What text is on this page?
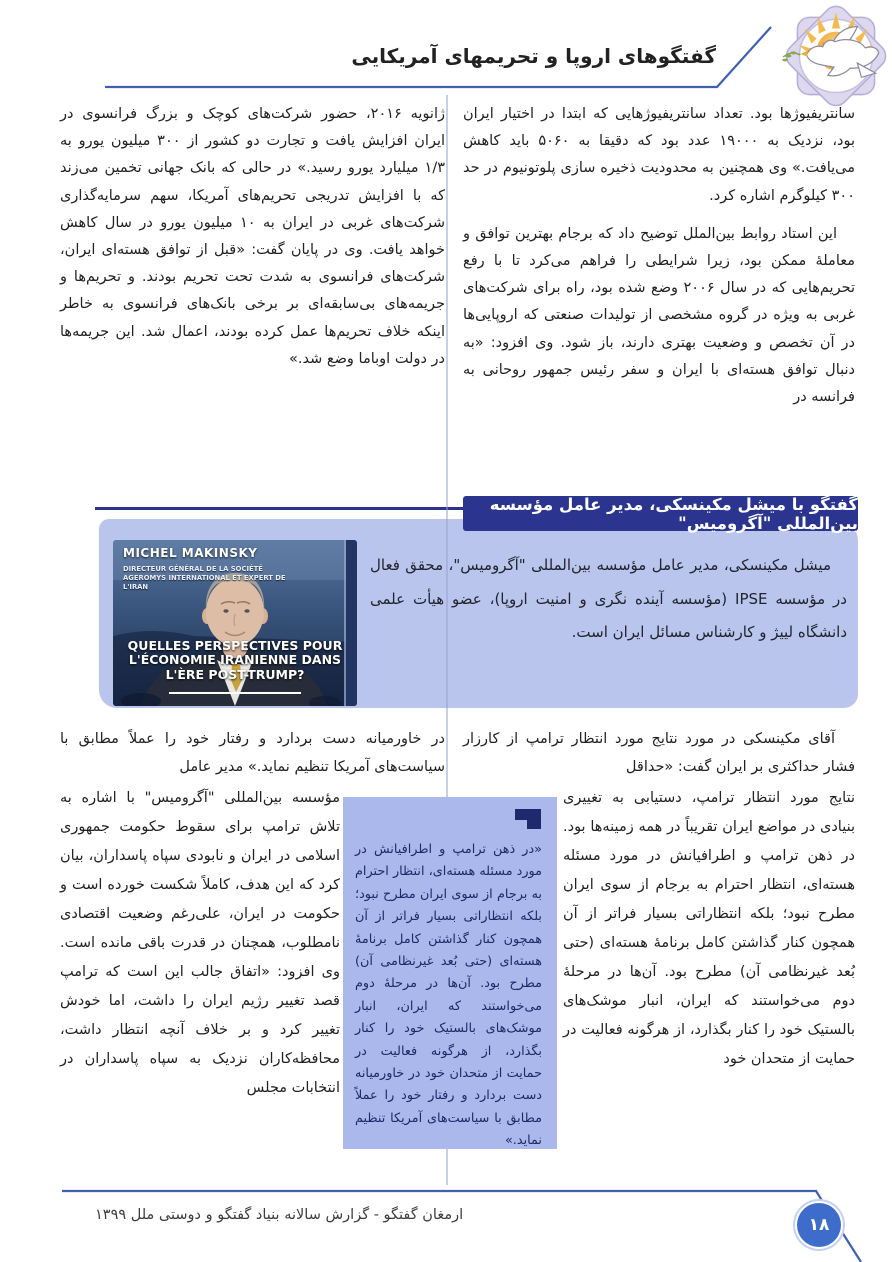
گفتگوهای اروپا و تحریمهای آمریکایی
ژانویه ۲۰۱۶، حضور شرکت‌های کوچک و بزرگ فرانسوی در ایران افزایش یافت و تجارت دو کشور از ۳۰۰ میلیون یورو به ۱/۳ میلیارد یورو رسید.» در حالی که بانک جهانی تخمین می‌زند که با افزایش تدریجی تحریم‌های آمریکا، سهم سرمایه‌گذاری شرکت‌های غربی در ایران به ۱۰ میلیون یورو در سال کاهش خواهد یافت. وی در پایان گفت: «قبل از توافق هسته‌ای ایران، شرکت‌های فرانسوی به شدت تحت تحریم بودند. و تحریم‌ها و جریمه‌های بی‌سابقه‌ای بر برخی بانک‌های فرانسوی به خاطر اینکه خلاف تحریم‌ها عمل کرده بودند، اعمال شد. این جریمه‌ها در دولت اوباما وضع شد.»
سانتریفیوژها بود. تعداد سانتریفیوژهایی که ابتدا در اختیار ایران بود، نزدیک به ۱۹۰۰۰ عدد بود که دقیقا به ۵۰۶۰ باید کاهش می‌یافت.» وی همچنین به محدودیت ذخیره سازی پلوتونیوم در حد ۳۰۰ کیلوگرم اشاره کرد.
این استاد روابط بین‌الملل توضیح داد که برجام بهترین توافق و معاملۀ ممکن بود، زیرا شرایطی را فراهم می‌کرد تا با رفع تحریم‌هایی که در سال ۲۰۰۶ وضع شده بود، راه برای شرکت‌های غربی به ویژه در گروه مشخصی از تولیدات صنعتی که اروپایی‌ها در آن تخصص و وضعیت بهتری دارند، باز شود. وی افزود: «به دنبال توافق هسته‌ای با ایران و سفر رئیس جمهور روحانی به فرانسه در
گفتگو با میشل مکینسکی، مدیر عامل مؤسسه بین‌المللی "آگرومیس"
MICHEL MAKINSKY
DIRECTEUR GÉNÉRAL DE LA SOCIÉTÉ AGEROMYS INTERNATIONAL ET EXPERT DE L'IRAN
QUELLES PERSPECTIVES POUR L'ÉCONOMIE IRANIENNE DANS L'ÈRE POST-TRUMP?
میشل مکینسکی، مدیر عامل مؤسسه بین‌المللی "آگرومیس"، محقق فعال در مؤسسه IPSE (مؤسسه آینده نگری و امنیت اروپا)، عضو هیأت علمی دانشگاه لییژ و کارشناس مسائل ایران است.
در خاورمیانه دست بردارد و رفتار خود را عملاً مطابق با سیاست‌های آمریکا تنظیم نماید.» مدیر عامل
مؤسسه بین‌المللی "آگرومیس" با اشاره به تلاش ترامپ برای سقوط حکومت جمهوری اسلامی در ایران و نابودی سپاه پاسداران، بیان کرد که این هدف، کاملاً شکست خورده است و حکومت در ایران، علی‌رغم وضعیت اقتصادی نامطلوب، همچنان در قدرت باقی مانده است. وی افزود: «اتفاق جالب این است که ترامپ قصد تغییر رژیم ایران را داشت، اما خودش تغییر کرد و بر خلاف آنچه انتظار داشت، محافظه‌کاران نزدیک به سپاه پاسداران در انتخابات مجلس
آقای مکینسکی در مورد نتایج مورد انتظار ترامپ از کارزار فشار حداکثری بر ایران گفت: «حداقل
نتایج مورد انتظار ترامپ، دستیابی به تغییری بنیادی در مواضع ایران تقریباً در همه زمینه‌ها بود. در ذهن ترامپ و اطرافیانش در مورد مسئله هسته‌ای، انتظار احترام به برجام از سوی ایران مطرح نبود؛ بلکه انتظاراتی بسیار فراتر از آن همچون کنار گذاشتن کامل برنامۀ هسته‌ای (حتی بُعد غیرنظامی آن) مطرح بود. آن‌ها در مرحلۀ دوم می‌خواستند که ایران، انبار موشک‌های بالستیک خود را کنار بگذارد، از هرگونه فعالیت در حمایت از متحدان خود
«در ذهن ترامپ و اطرافیانش در مورد مسئله هسته‌ای، انتظار احترام به برجام از سوی ایران مطرح نبود؛ بلکه انتظاراتی بسیار فراتر از آن همچون کنار گذاشتن کامل برنامۀ هسته‌ای (حتی بُعد غیرنظامی آن) مطرح بود. آن‌ها در مرحلۀ دوم می‌خواستند که ایران، انبار موشک‌های بالستیک خود را کنار بگذارد، از هرگونه فعالیت در حمایت از متحدان خود در خاورمیانه دست بردارد و رفتار خود را عملاً مطابق با سیاست‌های آمریکا تنظیم نماید.»
ارمغان گفتگو - گزارش سالانه بنیاد گفتگو و دوستی ملل ۱۳۹۹	۱۸
